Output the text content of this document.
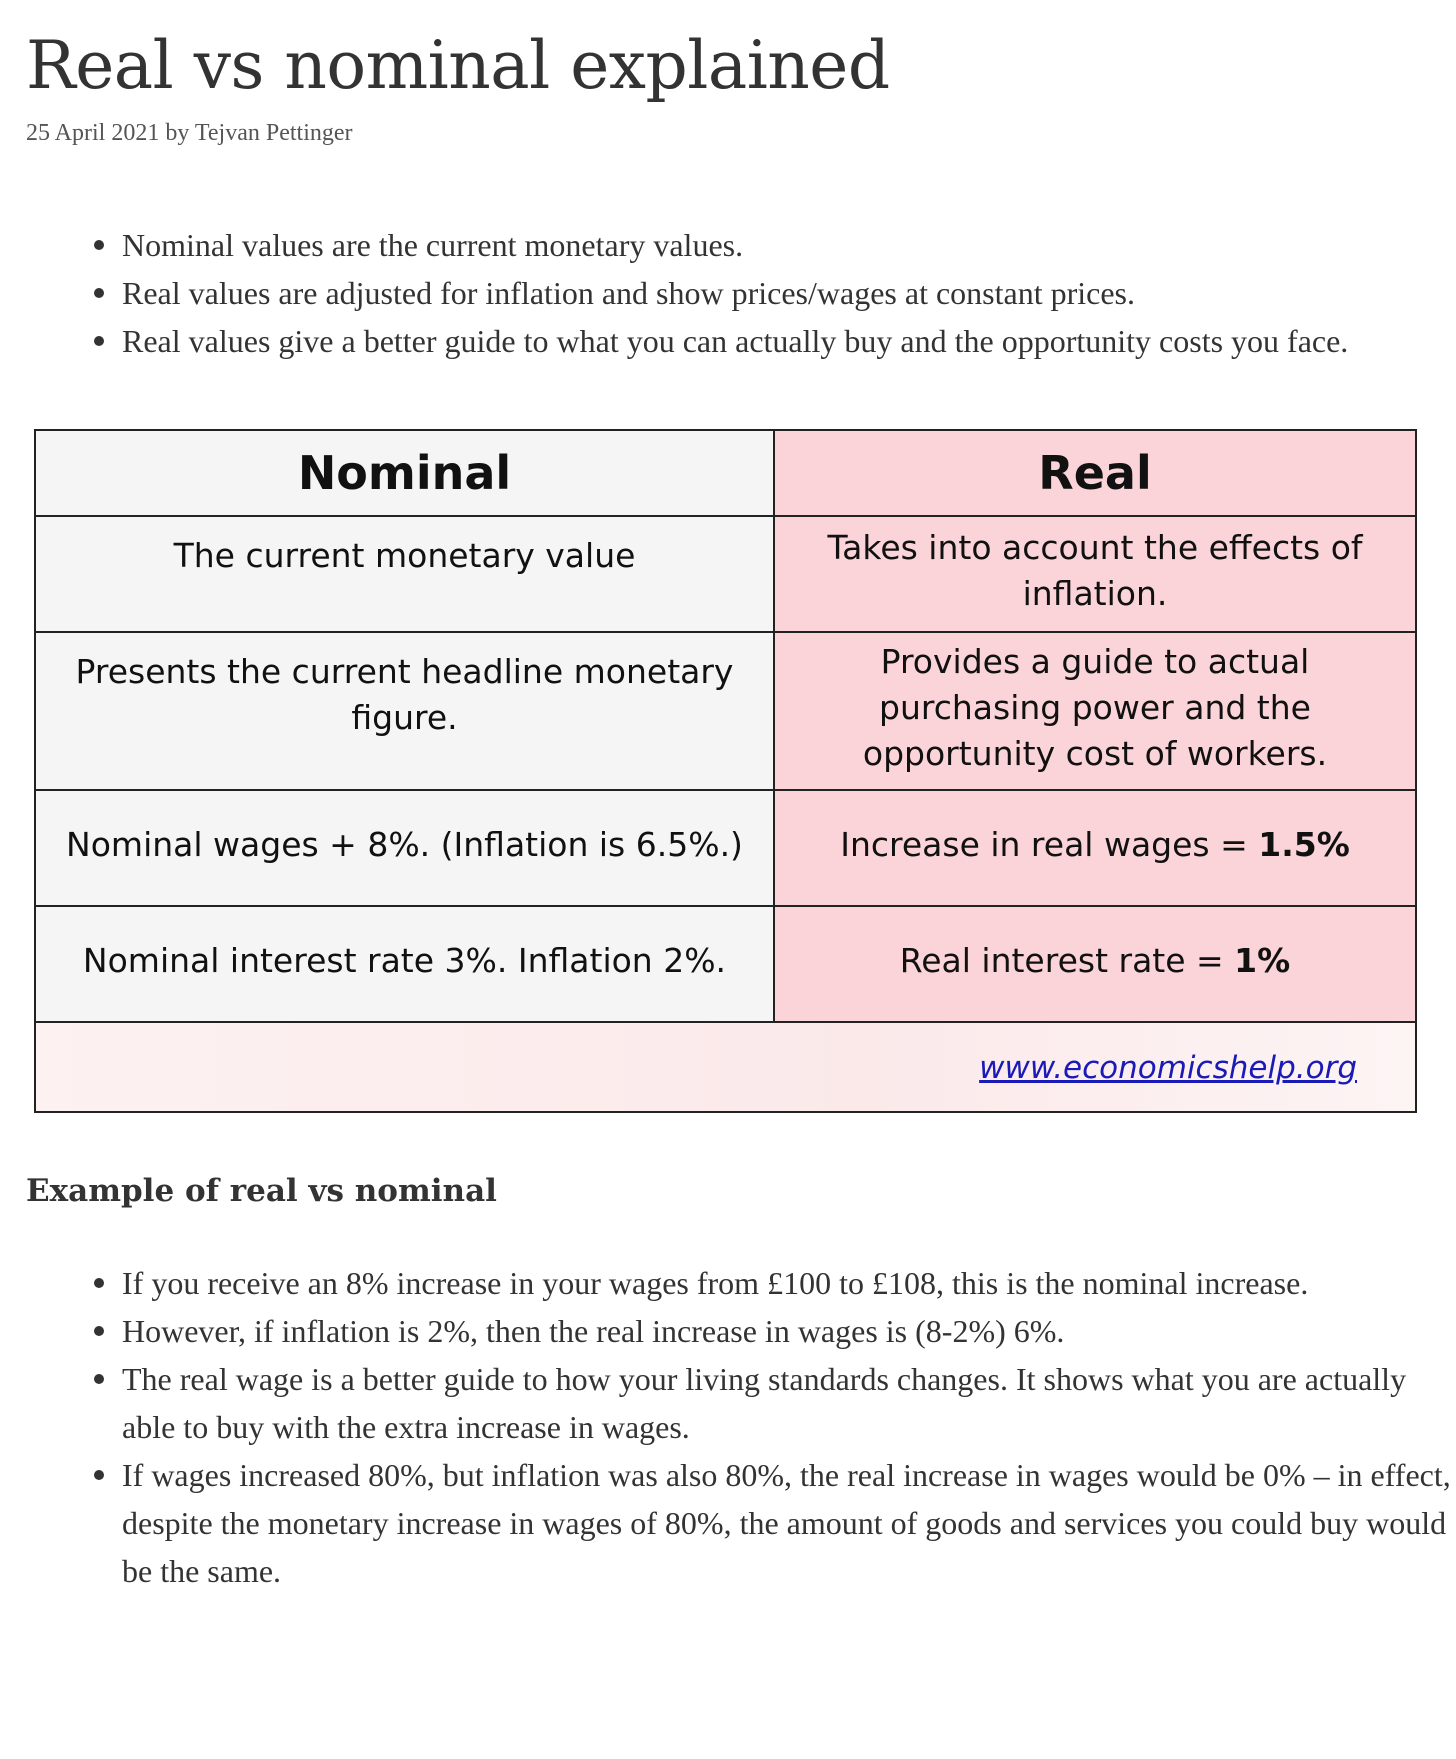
Real vs nominal explained
25 April 2021 by Tejvan Pettinger
Nominal values are the current monetary values.
Real values are adjusted for inflation and show prices/wages at constant prices.
Real values give a better guide to what you can actually buy and the opportunity costs you face.
Nominal	Real
The current monetary value	Takes into account the effects of inflation.
Presents the current headline monetary figure.	Provides a guide to actual purchasing power and the opportunity cost of workers.
Nominal wages + 8%. (Inflation is 6.5%.)	Increase in real wages = 1.5%
Nominal interest rate 3%. Inflation 2%.	Real interest rate = 1%
www.economicshelp.org	
Example of real vs nominal
If you receive an 8% increase in your wages from £100 to £108, this is the nominal increase.
However, if inflation is 2%, then the real increase in wages is (8-2%) 6%.
The real wage is a better guide to how your living standards changes. It shows what you are actually able to buy with the extra increase in wages.
If wages increased 80%, but inflation was also 80%, the real increase in wages would be 0% – in effect, despite the monetary increase in wages of 80%, the amount of goods and services you could buy would be the same.
